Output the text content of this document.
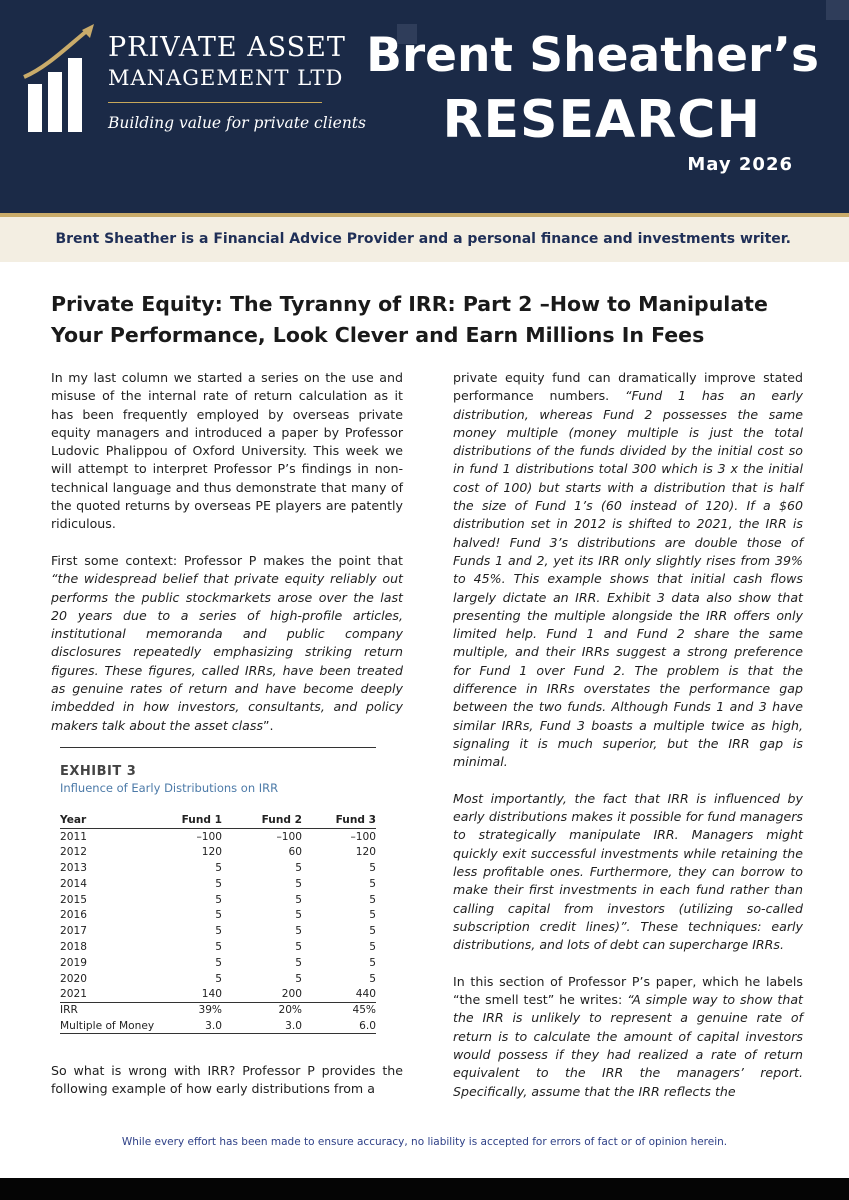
PRIVATE ASSET
MANAGEMENT LTD
Building value for private clients
Brent Sheather’s
RESEARCH
May 2026
Brent Sheather is a Financial Advice Provider and a personal finance and investments writer.
Private Equity: The Tyranny of IRR: Part 2 –How to Manipulate Your Performance, Look Clever and Earn Millions In Fees

In my last column we started a series on the use and misuse of the internal rate of return calculation as it has been frequently employed by overseas private equity managers and introduced a paper by Professor Ludovic Phalippou of Oxford University. This week we will attempt to interpret Professor P’s findings in non-technical language and thus demonstrate that many of the quoted returns by overseas PE players are patently ridiculous.

First some context: Professor P makes the point that “the widespread belief that private equity reliably out performs the public stockmarkets arose over the last 20 years due to a series of high-profile articles, institutional memoranda and public company disclosures repeatedly emphasizing striking return figures. These figures, called IRRs, have been treated as genuine rates of return and have become deeply imbedded in how investors, consultants, and policy makers talk about the asset class”.

EXHIBIT 3
Influence of Early Distributions on IRR
Year	Fund 1	Fund 2	Fund 3
2011	–100	–100	–100
2012	120	60	120
2013	5	5	5
2014	5	5	5
2015	5	5	5
2016	5	5	5
2017	5	5	5
2018	5	5	5
2019	5	5	5
2020	5	5	5
2021	140	200	440
IRR	39%	20%	45%
Multiple of Money	3.0	3.0	6.0

So what is wrong with IRR? Professor P provides the following example of how early distributions from a

private equity fund can dramatically improve stated performance numbers. “Fund 1 has an early distribution, whereas Fund 2 possesses the same money multiple (money multiple is just the total distributions of the funds divided by the initial cost so in fund 1 distributions total 300 which is 3 x the initial cost of 100) but starts with a distribution that is half the size of Fund 1’s (60 instead of 120). If a $60 distribution set in 2012 is shifted to 2021, the IRR is halved! Fund 3’s distributions are double those of Funds 1 and 2, yet its IRR only slightly rises from 39% to 45%. This example shows that initial cash flows largely dictate an IRR. Exhibit 3 data also show that presenting the multiple alongside the IRR offers only limited help. Fund 1 and Fund 2 share the same multiple, and their IRRs suggest a strong preference for Fund 1 over Fund 2. The problem is that the difference in IRRs overstates the performance gap between the two funds. Although Funds 1 and 3 have similar IRRs, Fund 3 boasts a multiple twice as high, signaling it is much superior, but the IRR gap is minimal.

Most importantly, the fact that IRR is influenced by early distributions makes it possible for fund managers to strategically manipulate IRR. Managers might quickly exit successful investments while retaining the less profitable ones. Furthermore, they can borrow to make their first investments in each fund rather than calling capital from investors (utilizing so-called subscription credit lines)”. These techniques: early distributions, and lots of debt can supercharge IRRs.

In this section of Professor P’s paper, which he labels “the smell test” he writes: “A simple way to show that the IRR is unlikely to represent a genuine rate of return is to calculate the amount of capital investors would possess if they had realized a rate of return equivalent to the IRR the managers’ report. Specifically, assume that the IRR reflects the

While every effort has been made to ensure accuracy, no liability is accepted for errors of fact or of opinion herein.
